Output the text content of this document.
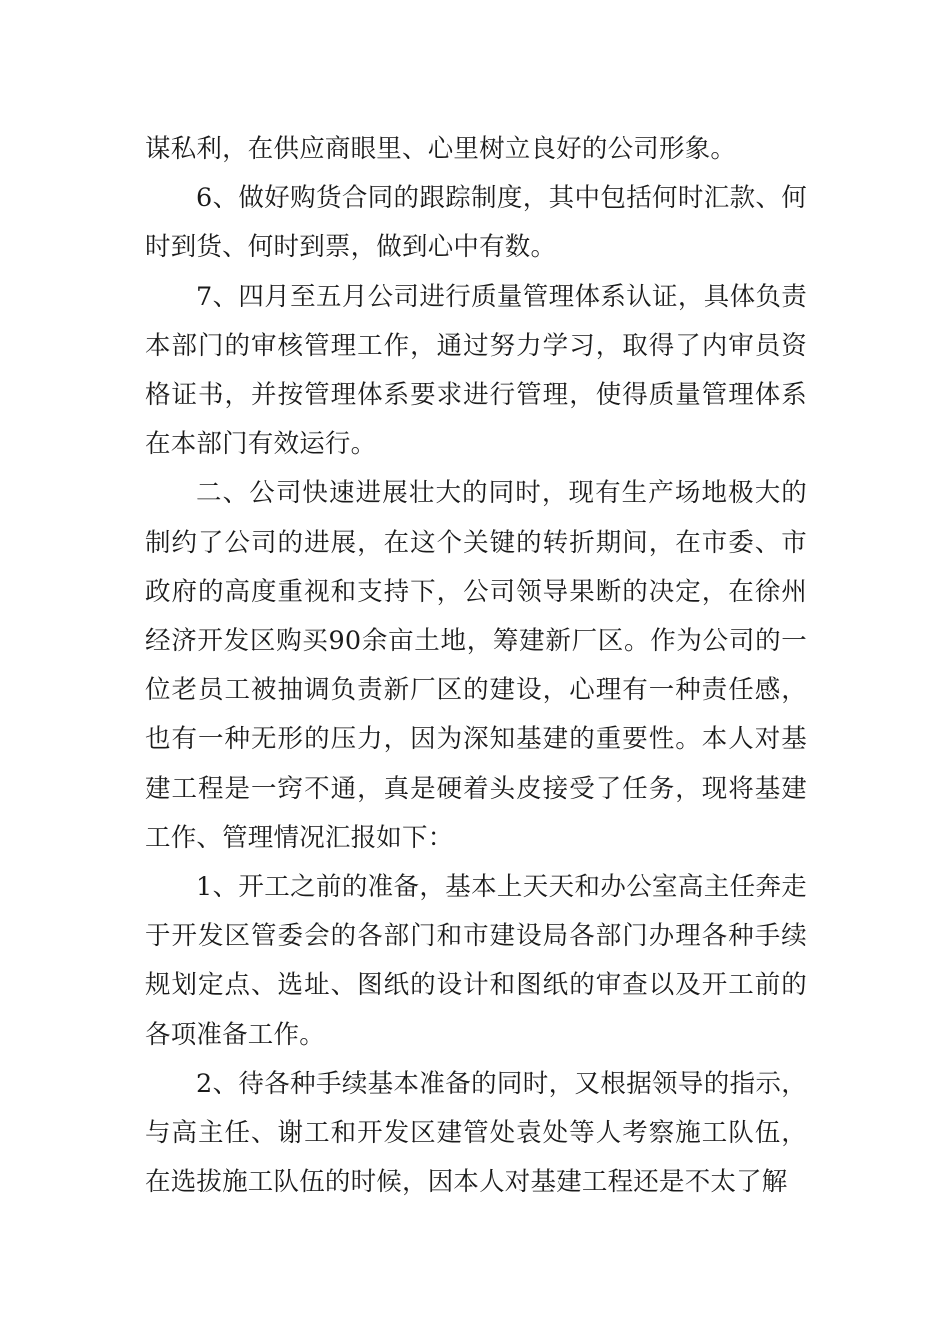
谋私利，在供应商眼里、心里树立良好的公司形象。

6、做好购货合同的跟踪制度，其中包括何时汇款、何时到货、何时到票，做到心中有数。

7、四月至五月公司进行质量管理体系认证，具体负责本部门的审核管理工作，通过努力学习，取得了内审员资格证书，并按管理体系要求进行管理，使得质量管理体系在本部门有效运行。

二、公司快速进展壮大的同时，现有生产场地极大的制约了公司的进展，在这个关键的转折期间，在市委、市政府的高度重视和支持下，公司领导果断的决定，在徐州经济开发区购买90余亩土地，筹建新厂区。作为公司的一位老员工被抽调负责新厂区的建设，心理有一种责任感，也有一种无形的压力，因为深知基建的重要性。本人对基建工程是一窍不通，真是硬着头皮接受了任务，现将基建工作、管理情况汇报如下：

1、开工之前的准备，基本上天天和办公室高主任奔走于开发区管委会的各部门和市建设局各部门办理各种手续规划定点、选址、图纸的设计和图纸的审查以及开工前的各项准备工作。

2、待各种手续基本准备的同时，又根据领导的指示，与高主任、谢工和开发区建管处袁处等人考察施工队伍，在选拔施工队伍的时候，因本人对基建工程还是不太了解
